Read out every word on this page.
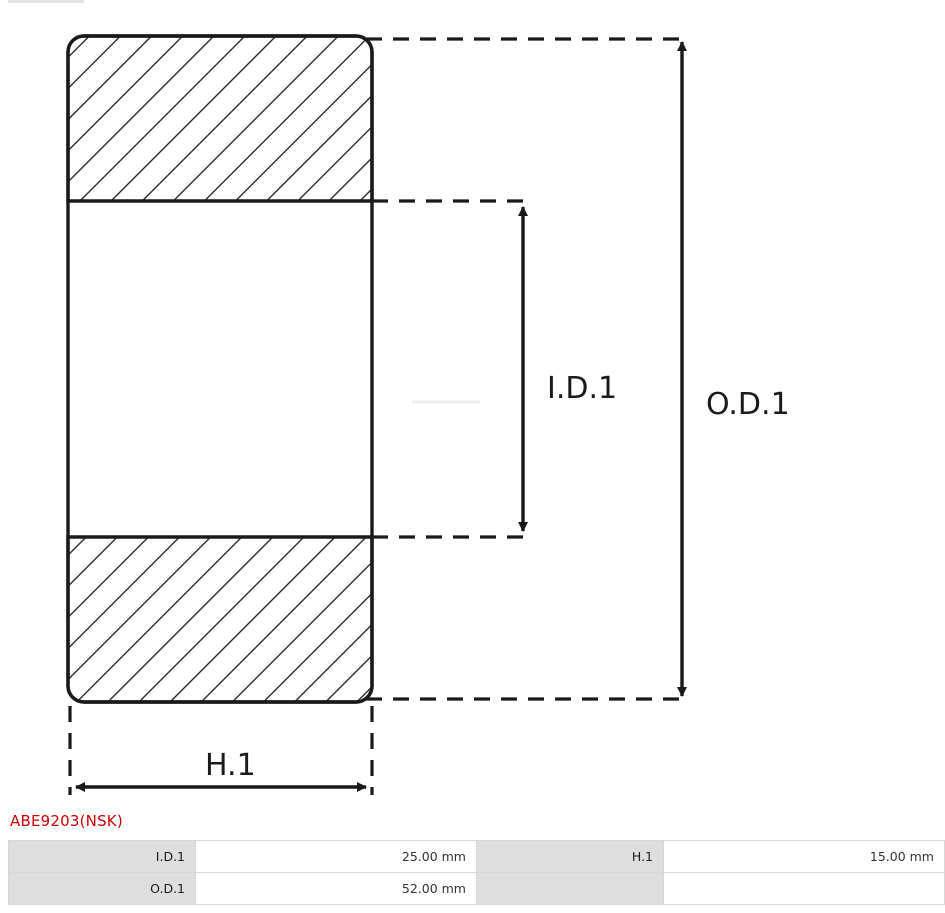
O.D.1
I.D.1
H.1
ABE9203(NSK)
I.D.1	25.00 mm	H.1	15.00 mm
O.D.1	52.00 mm		
